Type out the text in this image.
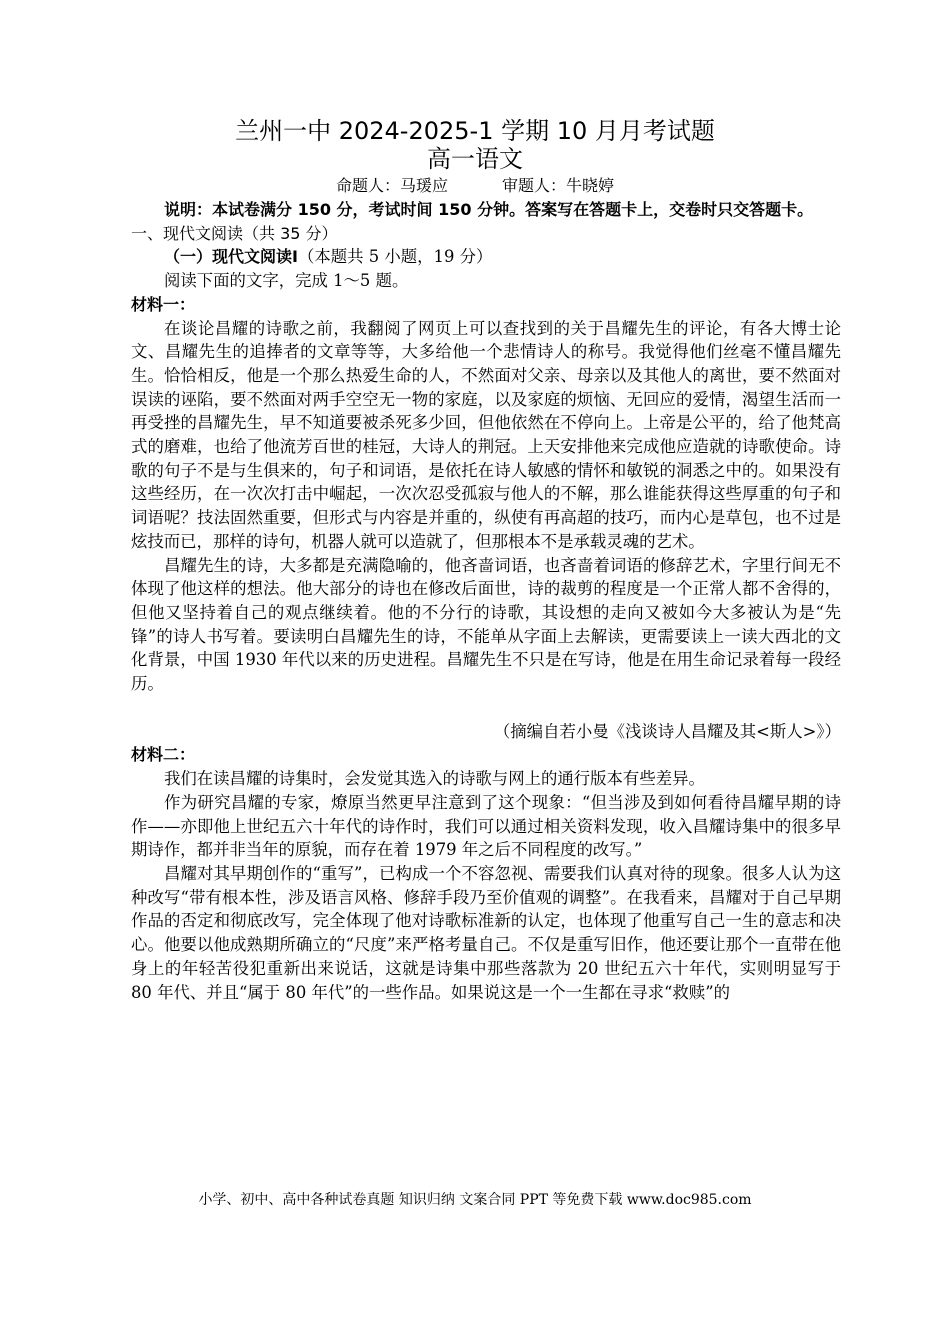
兰州一中 2024-2025-1 学期 10 月月考试题
高一语文
命题人：马瑗应	审题人：牛晓婷

说明：本试卷满分 150 分，考试时间 150 分钟。答案写在答题卡上，交卷时只交答题卡。

一、现代文阅读（共 35 分）

（一）现代文阅读Ⅰ（本题共 5 小题，19 分）

阅读下面的文字，完成 1～5 题。

材料一：

在谈论昌耀的诗歌之前，我翻阅了网页上可以查找到的关于昌耀先生的评论，有各大博士论文、昌耀先生的追捧者的文章等等，大多给他一个悲情诗人的称号。我觉得他们丝毫不懂昌耀先生。恰恰相反，他是一个那么热爱生命的人，不然面对父亲、母亲以及其他人的离世，要不然面对误读的诬陷，要不然面对两手空空无一物的家庭，以及家庭的烦恼、无回应的爱情，渴望生活而一再受挫的昌耀先生，早不知道要被杀死多少回，但他依然在不停向上。上帝是公平的，给了他梵高式的磨难，也给了他流芳百世的桂冠，大诗人的荆冠。上天安排他来完成他应造就的诗歌使命。诗歌的句子不是与生俱来的，句子和词语，是依托在诗人敏感的情怀和敏锐的洞悉之中的。如果没有这些经历，在一次次打击中崛起，一次次忍受孤寂与他人的不解，那么谁能获得这些厚重的句子和词语呢？技法固然重要，但形式与内容是并重的，纵使有再高超的技巧，而内心是草包，也不过是炫技而已，那样的诗句，机器人就可以造就了，但那根本不是承载灵魂的艺术。

昌耀先生的诗，大多都是充满隐喻的，他吝啬词语，也吝啬着词语的修辞艺术，字里行间无不体现了他这样的想法。他大部分的诗也在修改后面世，诗的裁剪的程度是一个正常人都不舍得的，但他又坚持着自己的观点继续着。他的不分行的诗歌，其设想的走向又被如今大多被认为是“先锋”的诗人书写着。要读明白昌耀先生的诗，不能单从字面上去解读，更需要读上一读大西北的文化背景，中国 1930 年代以来的历史进程。昌耀先生不只是在写诗，他是在用生命记录着每一段经历。

（摘编自若小曼《浅谈诗人昌耀及其<斯人>》）

材料二：

我们在读昌耀的诗集时，会发觉其选入的诗歌与网上的通行版本有些差异。

作为研究昌耀的专家，燎原当然更早注意到了这个现象：“但当涉及到如何看待昌耀早期的诗作——亦即他上世纪五六十年代的诗作时，我们可以通过相关资料发现，收入昌耀诗集中的很多早期诗作，都并非当年的原貌，而存在着 1979 年之后不同程度的改写。”

昌耀对其早期创作的“重写”，已构成一个不容忽视、需要我们认真对待的现象。很多人认为这种改写“带有根本性，涉及语言风格、修辞手段乃至价值观的调整”。在我看来，昌耀对于自己早期作品的否定和彻底改写，完全体现了他对诗歌标准新的认定，也体现了他重写自己一生的意志和决心。他要以他成熟期所确立的“尺度”来严格考量自己。不仅是重写旧作，他还要让那个一直带在他身上的年轻苦役犯重新出来说话，这就是诗集中那些落款为 20 世纪五六十年代，实则明显写于 80 年代、并且“属于 80 年代”的一些作品。如果说这是一个一生都在寻求“救赎”的

小学、初中、高中各种试卷真题 知识归纳 文案合同 PPT 等免费下载 www.doc985.com
